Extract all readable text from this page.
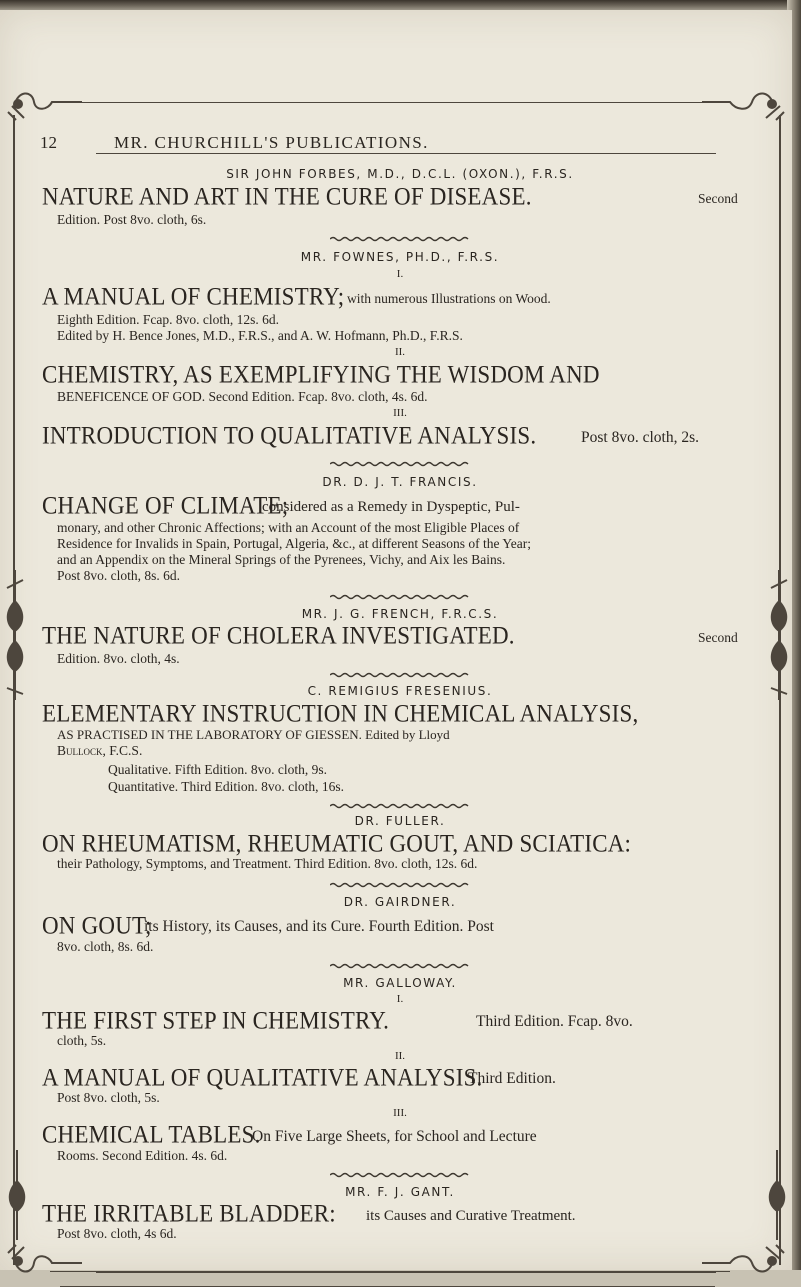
12	MR. CHURCHILL'S PUBLICATIONS.
SIR JOHN FORBES, M.D., D.C.L. (OXON.), F.R.S.
NATURE AND ART IN THE CURE OF DISEASE.	Second
Edition. Post 8vo. cloth, 6s.
MR. FOWNES, PH.D., F.R.S.
I.
A MANUAL OF CHEMISTRY; with numerous Illustrations on Wood.
Eighth Edition. Fcap. 8vo. cloth, 12s. 6d.
Edited by H. Bence Jones, M.D., F.R.S., and A. W. Hofmann, Ph.D., F.R.S.
II.
CHEMISTRY, AS EXEMPLIFYING THE WISDOM AND
BENEFICENCE OF GOD. Second Edition. Fcap. 8vo. cloth, 4s. 6d.
III.
INTRODUCTION TO QUALITATIVE ANALYSIS.	Post 8vo. cloth, 2s.
DR. D. J. T. FRANCIS.
CHANGE OF CLIMATE;
considered as a Remedy in Dyspeptic, Pul-
monary, and other Chronic Affections; with an Account of the most Eligible Places of
Residence for Invalids in Spain, Portugal, Algeria, &c., at different Seasons of the Year;
and an Appendix on the Mineral Springs of the Pyrenees, Vichy, and Aix les Bains.
Post 8vo. cloth, 8s. 6d.
MR. J. G. FRENCH, F.R.C.S.
THE NATURE OF CHOLERA INVESTIGATED.	Second
Edition. 8vo. cloth, 4s.
C. REMIGIUS FRESENIUS.
ELEMENTARY INSTRUCTION IN CHEMICAL ANALYSIS,
AS PRACTISED IN THE LABORATORY OF GIESSEN. Edited by Lloyd
Bullock, F.C.S.
Qualitative. Fifth Edition. 8vo. cloth, 9s.
Quantitative. Third Edition. 8vo. cloth, 16s.
DR. FULLER.
ON RHEUMATISM, RHEUMATIC GOUT, AND SCIATICA:
their Pathology, Symptoms, and Treatment. Third Edition. 8vo. cloth, 12s. 6d.
DR. GAIRDNER.
ON GOUT;
its History, its Causes, and its Cure. Fourth Edition. Post
8vo. cloth, 8s. 6d.
MR. GALLOWAY.
I.
THE FIRST STEP IN CHEMISTRY.	Third Edition. Fcap. 8vo.
cloth, 5s.
II.
A MANUAL OF QUALITATIVE ANALYSIS.
Third Edition.
Post 8vo. cloth, 5s.
III.
CHEMICAL TABLES.
On Five Large Sheets, for School and Lecture
Rooms. Second Edition. 4s. 6d.
MR. F. J. GANT.
THE IRRITABLE BLADDER: its Causes and Curative Treatment.
Post 8vo. cloth, 4s 6d.
